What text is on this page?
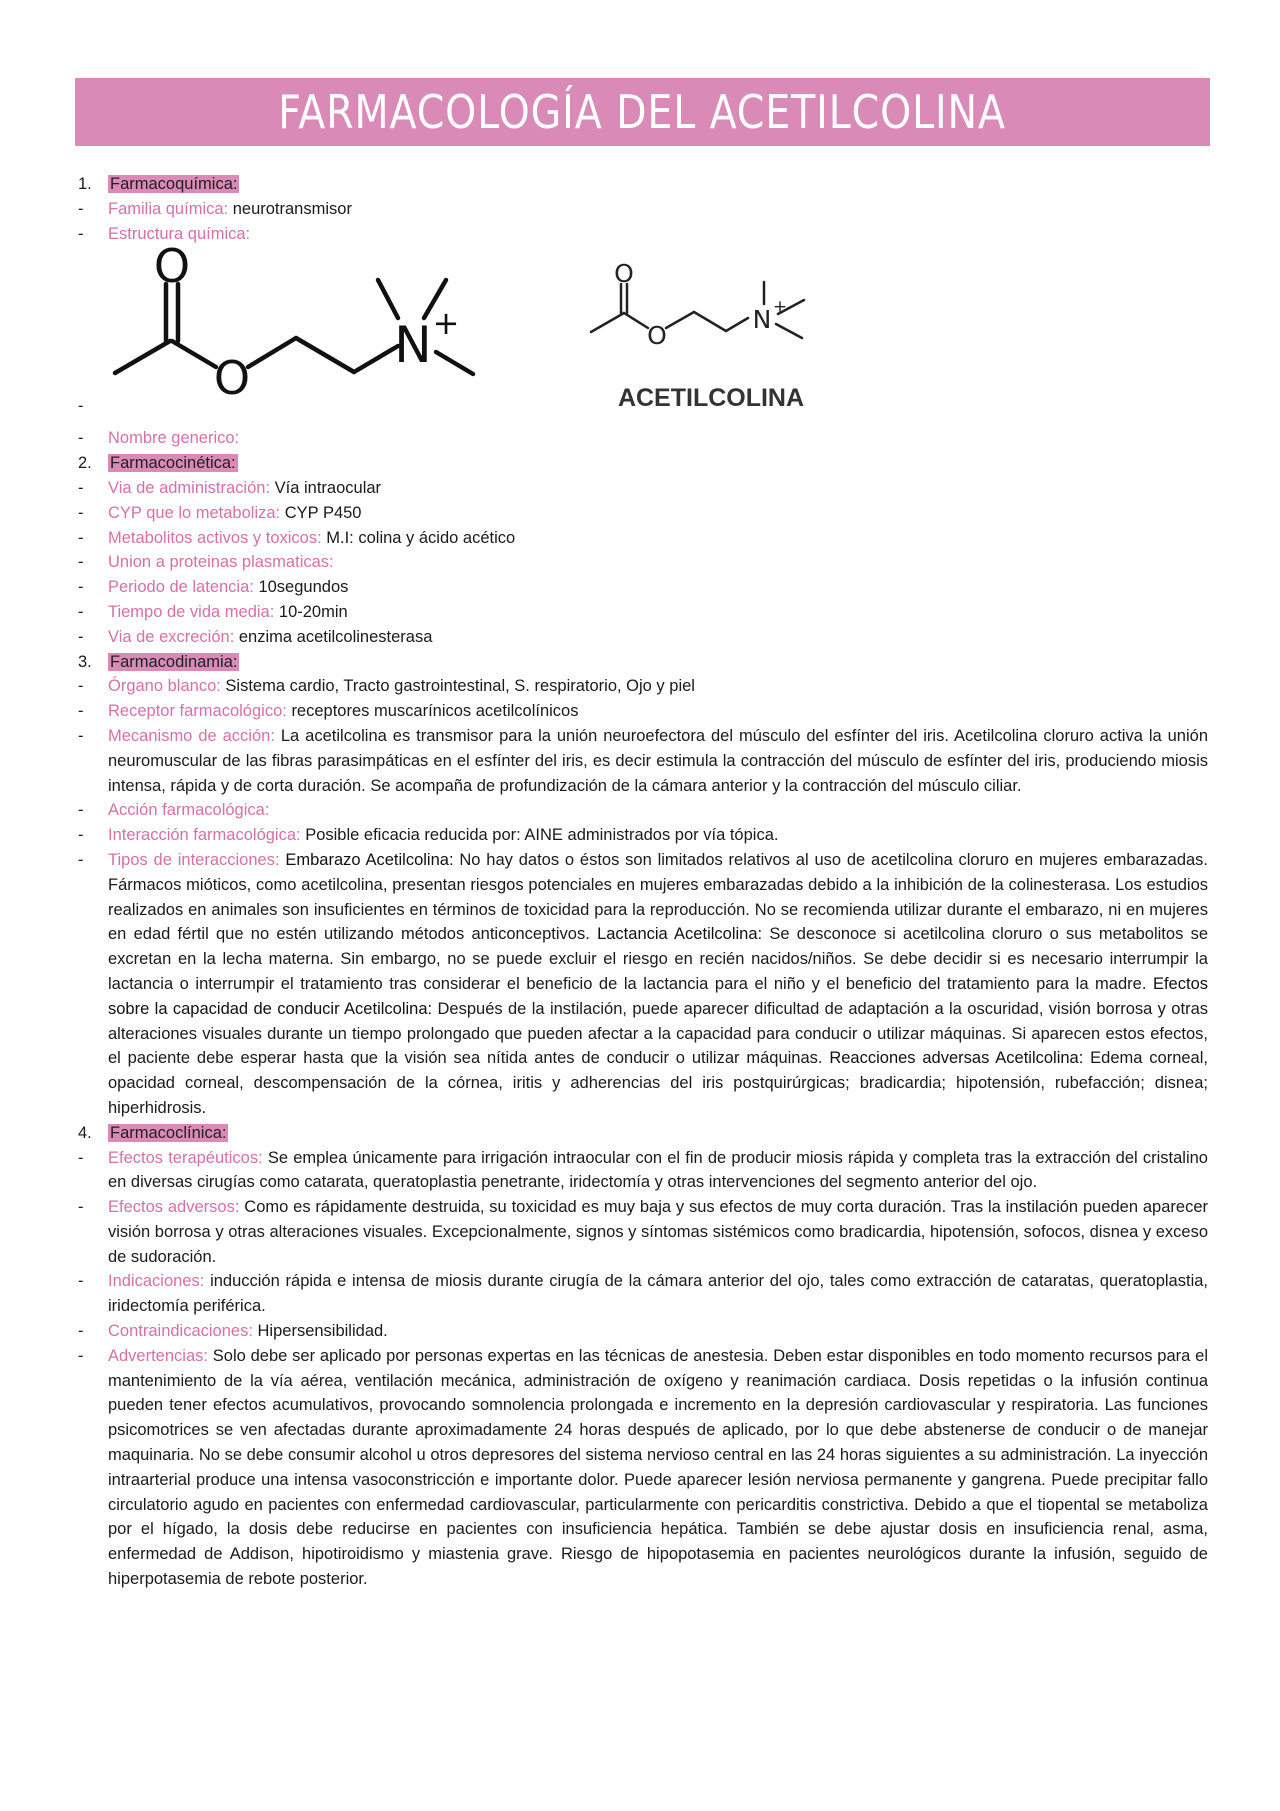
FARMACOLOGÍA DEL ACETILCOLINA
1. Farmacoquímica:
- Familia química: neurotransmisor
- Estructura química:
-
O
O
N +
O
O
N +
ACETILCOLINA
- Nombre generico:
2. Farmacocinética:
- Via de administración: Vía intraocular
- CYP que lo metaboliza: CYP P450
- Metabolitos activos y toxicos: M.I: colina y ácido acético
- Union a proteinas plasmaticas:
- Periodo de latencia: 10segundos
- Tiempo de vida media: 10-20min
- Via de excreción: enzima acetilcolinesterasa
3. Farmacodinamia:
- Órgano blanco: Sistema cardio, Tracto gastrointestinal, S. respiratorio, Ojo y piel
- Receptor farmacológico: receptores muscarínicos acetilcolínicos
- Mecanismo de acción: La acetilcolina es transmisor para la unión neuroefectora del músculo del esfínter del iris. Acetilcolina cloruro activa la unión neuromuscular de las fibras parasimpáticas en el esfínter del iris, es decir estimula la contracción del músculo de esfínter del iris, produciendo miosis intensa, rápida y de corta duración. Se acompaña de profundización de la cámara anterior y la contracción del músculo ciliar.
- Acción farmacológica:
- Interacción farmacológica: Posible eficacia reducida por: AINE administrados por vía tópica.
- Tipos de interacciones: Embarazo Acetilcolina: No hay datos o éstos son limitados relativos al uso de acetilcolina cloruro en mujeres embarazadas. Fármacos mióticos, como acetilcolina, presentan riesgos potenciales en mujeres embarazadas debido a la inhibición de la colinesterasa. Los estudios realizados en animales son insuficientes en términos de toxicidad para la reproducción. No se recomienda utilizar durante el embarazo, ni en mujeres en edad fértil que no estén utilizando métodos anticonceptivos. Lactancia Acetilcolina: Se desconoce si acetilcolina cloruro o sus metabolitos se excretan en la lecha materna. Sin embargo, no se puede excluir el riesgo en recién nacidos/niños. Se debe decidir si es necesario interrumpir la lactancia o interrumpir el tratamiento tras considerar el beneficio de la lactancia para el niño y el beneficio del tratamiento para la madre. Efectos sobre la capacidad de conducir Acetilcolina: Después de la instilación, puede aparecer dificultad de adaptación a la oscuridad, visión borrosa y otras alteraciones visuales durante un tiempo prolongado que pueden afectar a la capacidad para conducir o utilizar máquinas. Si aparecen estos efectos, el paciente debe esperar hasta que la visión sea nítida antes de conducir o utilizar máquinas. Reacciones adversas Acetilcolina: Edema corneal, opacidad corneal, descompensación de la córnea, iritis y adherencias del iris postquirúrgicas; bradicardia; hipotensión, rubefacción; disnea; hiperhidrosis.
4. Farmacoclínica:
- Efectos terapéuticos: Se emplea únicamente para irrigación intraocular con el fin de producir miosis rápida y completa tras la extracción del cristalino en diversas cirugías como catarata, queratoplastia penetrante, iridectomía y otras intervenciones del segmento anterior del ojo.
- Efectos adversos: Como es rápidamente destruida, su toxicidad es muy baja y sus efectos de muy corta duración. Tras la instilación pueden aparecer visión borrosa y otras alteraciones visuales. Excepcionalmente, signos y síntomas sistémicos como bradicardia, hipotensión, sofocos, disnea y exceso de sudoración.
- Indicaciones: inducción rápida e intensa de miosis durante cirugía de la cámara anterior del ojo, tales como extracción de cataratas, queratoplastia, iridectomía periférica.
- Contraindicaciones: Hipersensibilidad.
- Advertencias: Solo debe ser aplicado por personas expertas en las técnicas de anestesia. Deben estar disponibles en todo momento recursos para el mantenimiento de la vía aérea, ventilación mecánica, administración de oxígeno y reanimación cardiaca. Dosis repetidas o la infusión continua pueden tener efectos acumulativos, provocando somnolencia prolongada e incremento en la depresión cardiovascular y respiratoria. Las funciones psicomotrices se ven afectadas durante aproximadamente 24 horas después de aplicado, por lo que debe abstenerse de conducir o de manejar maquinaria. No se debe consumir alcohol u otros depresores del sistema nervioso central en las 24 horas siguientes a su administración. La inyección intraarterial produce una intensa vasoconstricción e importante dolor. Puede aparecer lesión nerviosa permanente y gangrena. Puede precipitar fallo circulatorio agudo en pacientes con enfermedad cardiovascular, particularmente con pericarditis constrictiva. Debido a que el tiopental se metaboliza por el hígado, la dosis debe reducirse en pacientes con insuficiencia hepática. También se debe ajustar dosis en insuficiencia renal, asma, enfermedad de Addison, hipotiroidismo y miastenia grave. Riesgo de hipopotasemia en pacientes neurológicos durante la infusión, seguido de hiperpotasemia de rebote posterior.
